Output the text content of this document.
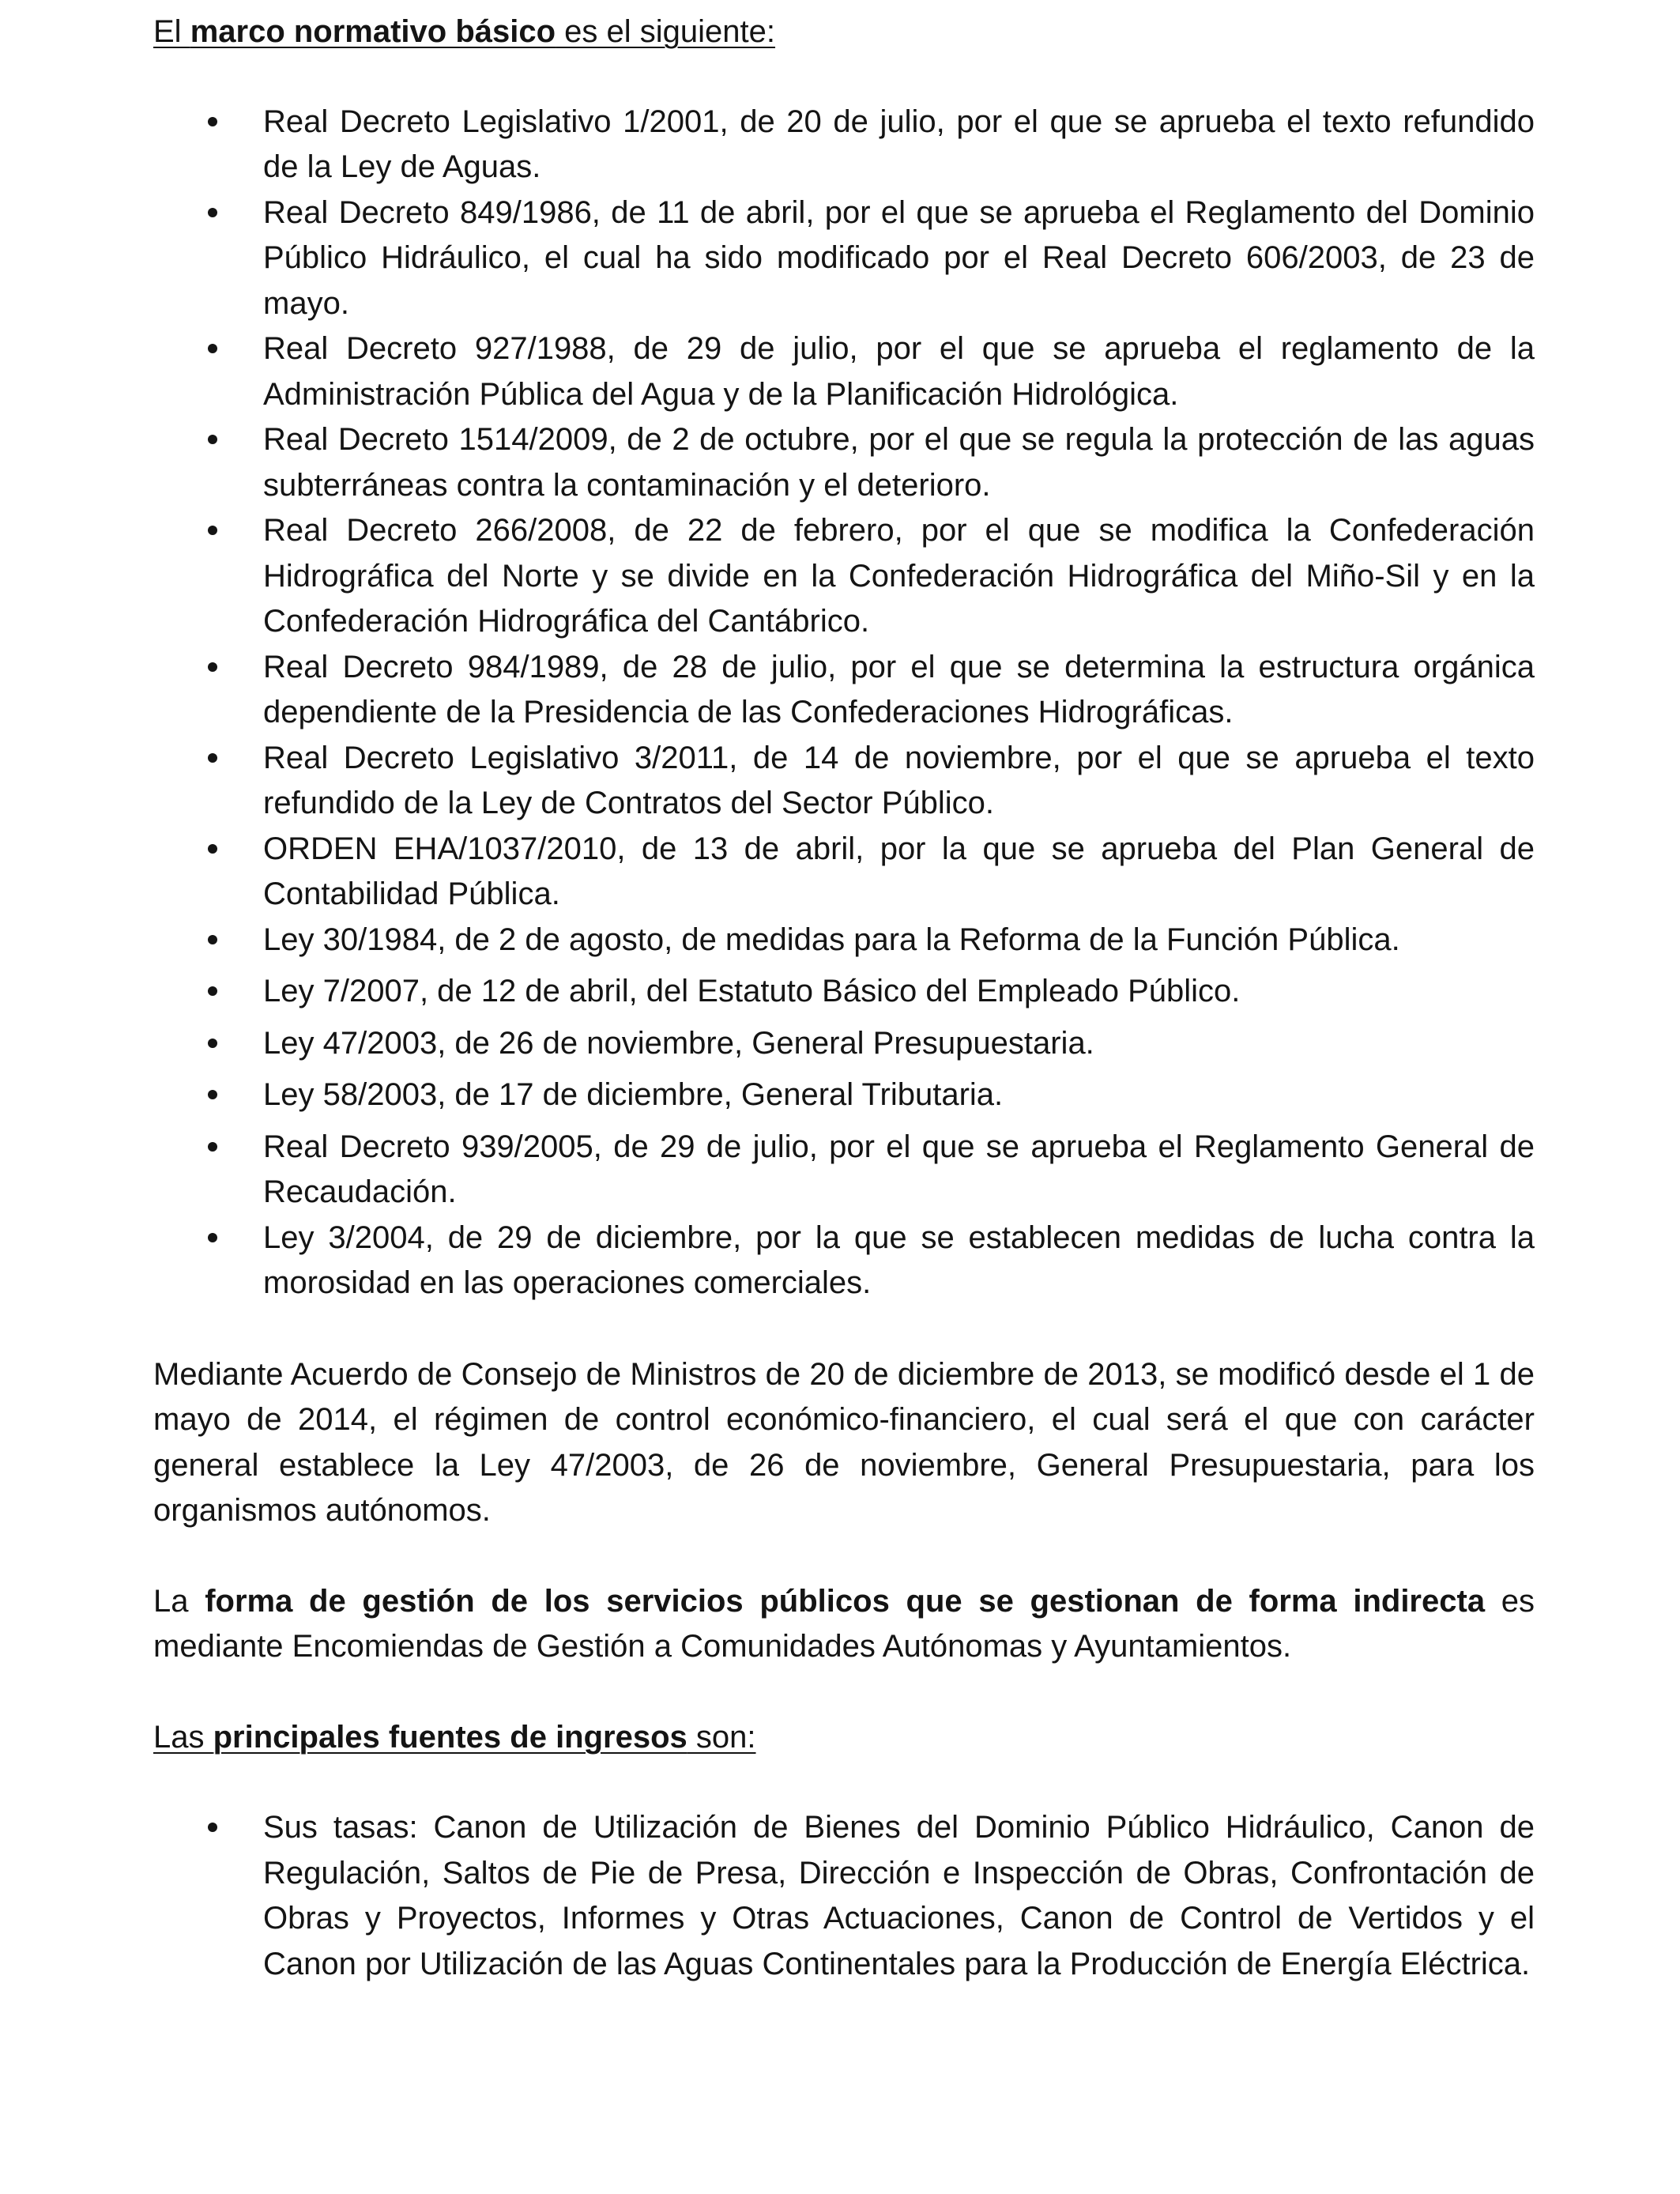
El marco normativo básico es el siguiente:

Real Decreto Legislativo 1/2001, de 20 de julio, por el que se aprueba el texto refundido de la Ley de Aguas.
Real Decreto 849/1986, de 11 de abril, por el que se aprueba el Reglamento del Dominio Público Hidráulico, el cual ha sido modificado por el Real Decreto 606/2003, de 23 de mayo.
Real Decreto 927/1988, de 29 de julio, por el que se aprueba el reglamento de la Administración Pública del Agua y de la Planificación Hidrológica.
Real Decreto 1514/2009, de 2 de octubre, por el que se regula la protección de las aguas subterráneas contra la contaminación y el deterioro.
Real Decreto 266/2008, de 22 de febrero, por el que se modifica la Confederación Hidrográfica del Norte y se divide en la Confederación Hidrográfica del Miño-Sil y en la Confederación Hidrográfica del Cantábrico.
Real Decreto 984/1989, de 28 de julio, por el que se determina la estructura orgánica dependiente de la Presidencia de las Confederaciones Hidrográficas.
Real Decreto Legislativo 3/2011, de 14 de noviembre, por el que se aprueba el texto refundido de la Ley de Contratos del Sector Público.
ORDEN EHA/1037/2010, de 13 de abril, por la que se aprueba del Plan General de Contabilidad Pública.
Ley 30/1984, de 2 de agosto, de medidas para la Reforma de la Función Pública.
Ley 7/2007, de 12 de abril, del Estatuto Básico del Empleado Público.
Ley 47/2003, de 26 de noviembre, General Presupuestaria.
Ley 58/2003, de 17 de diciembre, General Tributaria.
Real Decreto 939/2005, de 29 de julio, por el que se aprueba el Reglamento General de Recaudación.
Ley 3/2004, de 29 de diciembre, por la que se establecen medidas de lucha contra la morosidad en las operaciones comerciales.

Mediante Acuerdo de Consejo de Ministros de 20 de diciembre de 2013, se modificó desde el 1 de mayo de 2014, el régimen de control económico-financiero, el cual será el que con carácter general establece la Ley 47/2003, de 26 de noviembre, General Presupuestaria, para los organismos autónomos.

La forma de gestión de los servicios públicos que se gestionan de forma indirecta es mediante Encomiendas de Gestión a Comunidades Autónomas y Ayuntamientos.

Las principales fuentes de ingresos son:

Sus tasas: Canon de Utilización de Bienes del Dominio Público Hidráulico, Canon de Regulación, Saltos de Pie de Presa, Dirección e Inspección de Obras, Confrontación de Obras y Proyectos, Informes y Otras Actuaciones, Canon de Control de Vertidos y el Canon por Utilización de las Aguas Continentales para la Producción de Energía Eléctrica.
